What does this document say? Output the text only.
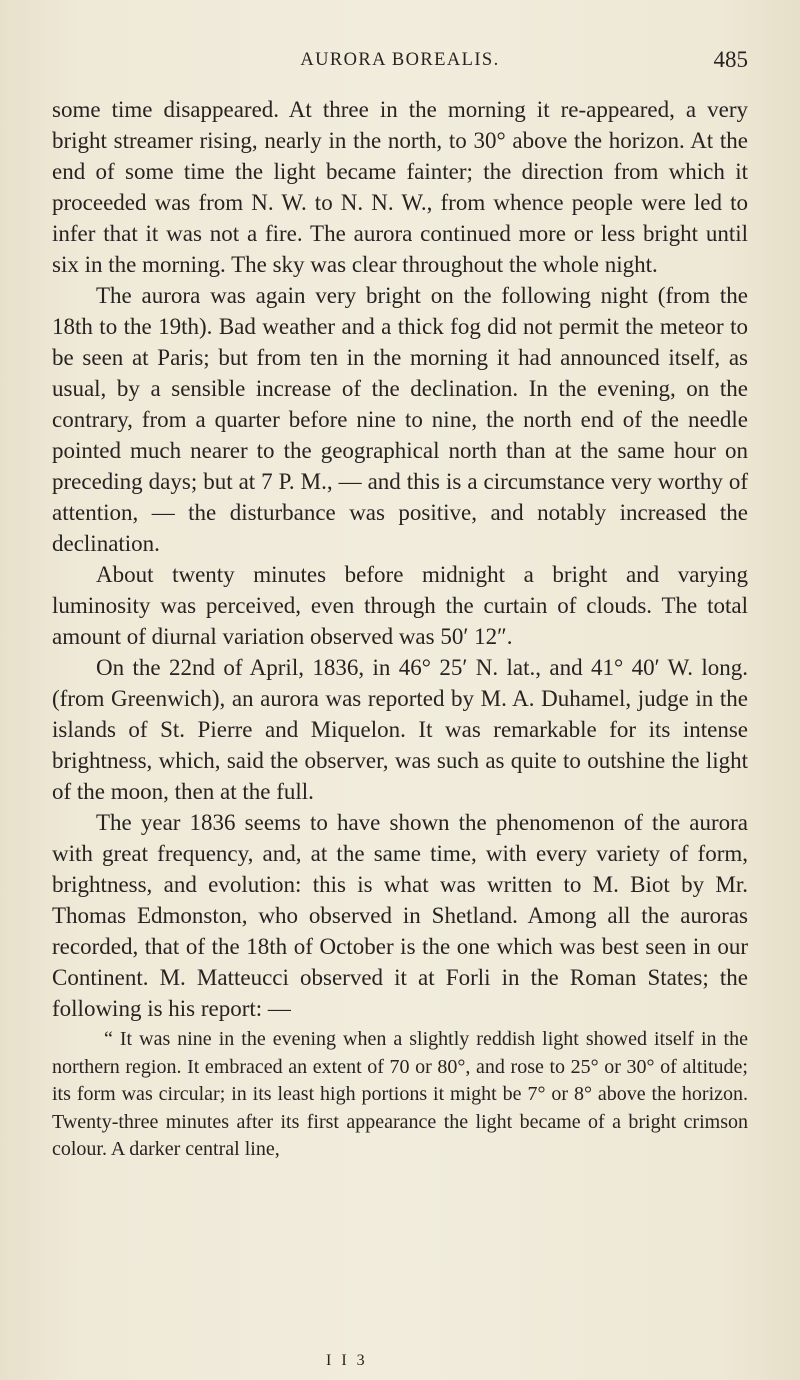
AURORA BOREALIS.	485

some time disappeared. At three in the morning it re-appeared, a very bright streamer rising, nearly in the north, to 30° above the horizon. At the end of some time the light became fainter; the direction from which it proceeded was from N. W. to N. N. W., from whence people were led to infer that it was not a fire. The aurora continued more or less bright until six in the morning. The sky was clear throughout the whole night.

The aurora was again very bright on the following night (from the 18th to the 19th). Bad weather and a thick fog did not permit the meteor to be seen at Paris; but from ten in the morning it had announced itself, as usual, by a sensible increase of the declination. In the evening, on the contrary, from a quarter before nine to nine, the north end of the needle pointed much nearer to the geographical north than at the same hour on preceding days; but at 7 P. M., — and this is a circumstance very worthy of attention, — the disturbance was positive, and notably increased the declination.

About twenty minutes before midnight a bright and varying luminosity was perceived, even through the curtain of clouds. The total amount of diurnal variation observed was 50′ 12″.

On the 22nd of April, 1836, in 46° 25′ N. lat., and 41° 40′ W. long. (from Greenwich), an aurora was reported by M. A. Duhamel, judge in the islands of St. Pierre and Miquelon. It was remarkable for its intense brightness, which, said the observer, was such as quite to outshine the light of the moon, then at the full.

The year 1836 seems to have shown the phenomenon of the aurora with great frequency, and, at the same time, with every variety of form, brightness, and evolution: this is what was written to M. Biot by Mr. Thomas Edmonston, who observed in Shetland. Among all the auroras recorded, that of the 18th of October is the one which was best seen in our Continent. M. Matteucci observed it at Forli in the Roman States; the following is his report: —

“ It was nine in the evening when a slightly reddish light showed itself in the northern region. It embraced an extent of 70 or 80°, and rose to 25° or 30° of altitude; its form was circular; in its least high portions it might be 7° or 8° above the horizon. Twenty-three minutes after its first appearance the light became of a bright crimson colour. A darker central line,

I I 3
